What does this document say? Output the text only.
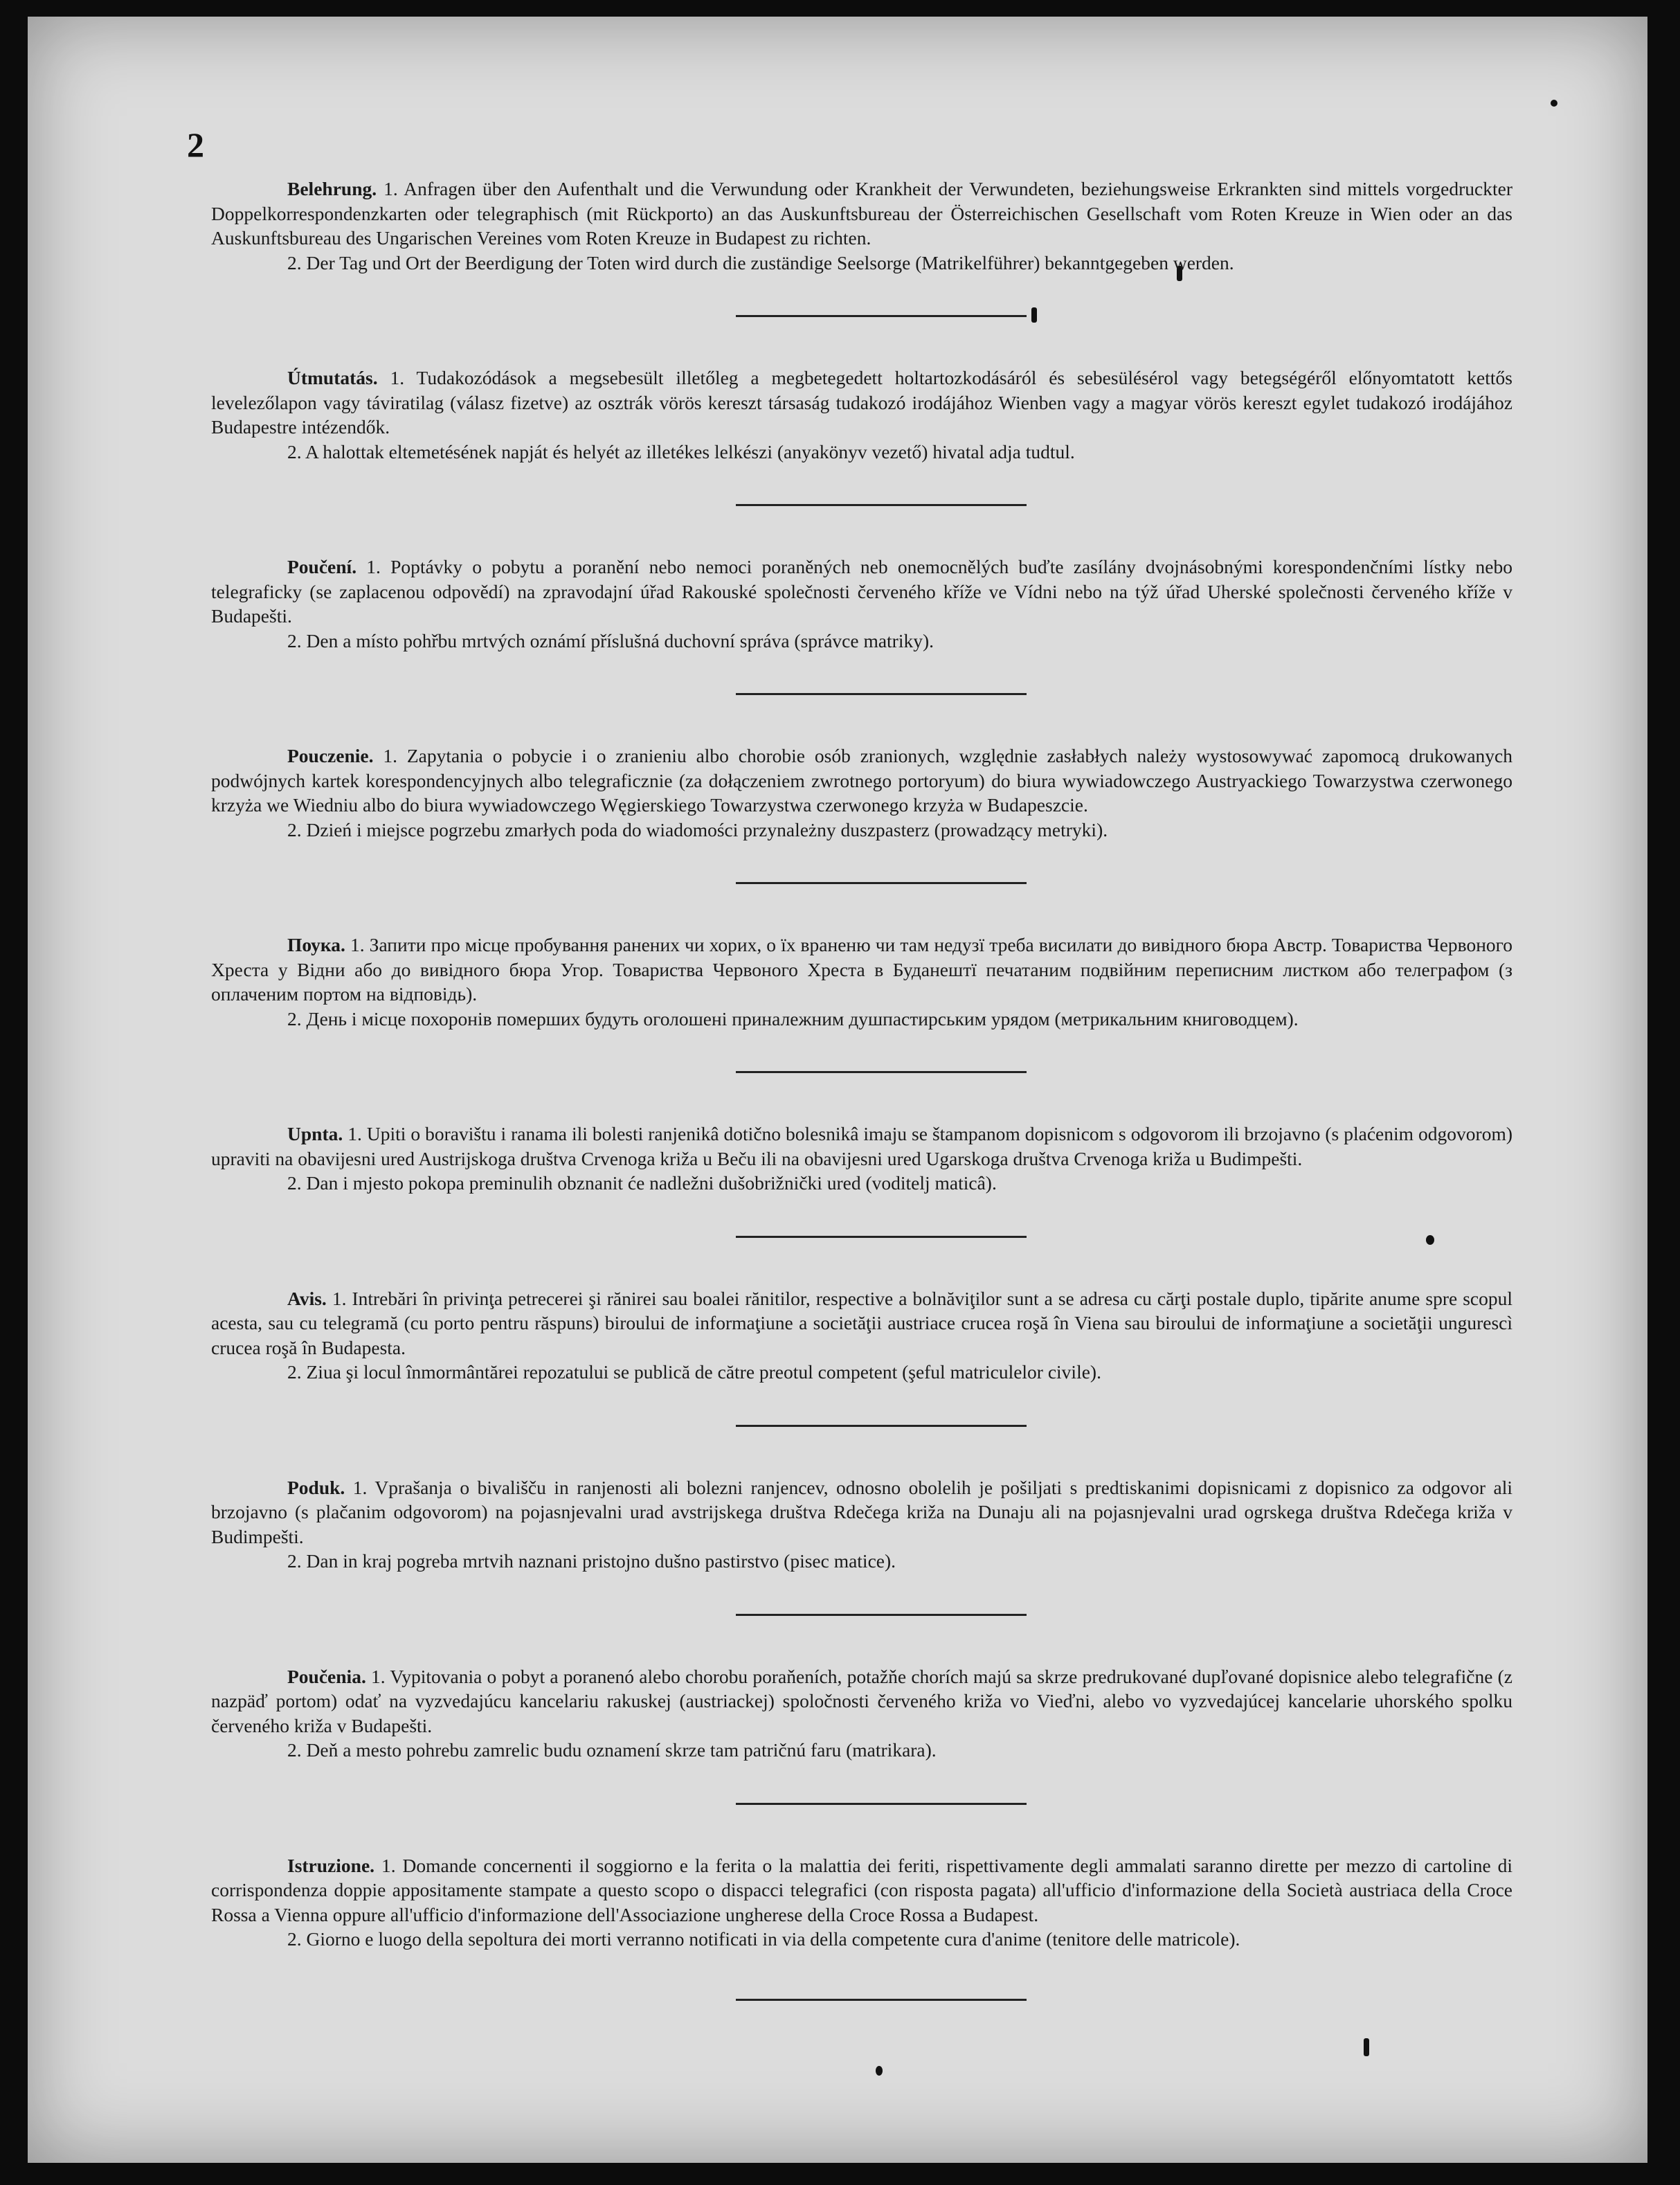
2

Belehrung. 1. Anfragen über den Aufenthalt und die Verwundung oder Krankheit der Verwundeten, beziehungsweise Erkrankten sind mittels vorgedruckter Doppelkorrespondenzkarten oder telegraphisch (mit Rückporto) an das Auskunftsbureau der Österreichischen Gesellschaft vom Roten Kreuze in Wien oder an das Auskunftsbureau des Ungarischen Vereines vom Roten Kreuze in Budapest zu richten.

2. Der Tag und Ort der Beerdigung der Toten wird durch die zuständige Seelsorge (Matrikelführer) bekanntgegeben werden.

Útmutatás. 1. Tudakozódások a megsebesült illetőleg a megbetegedett holtartozkodásáról és sebesülésérol vagy betegségéről előnyomtatott kettős levelezőlapon vagy táviratilag (válasz fizetve) az osztrák vörös kereszt társaság tudakozó irodájához Wienben vagy a magyar vörös kereszt egylet tudakozó irodájához Budapestre intézendők.

2. A halottak eltemetésének napját és helyét az illetékes lelkészi (anyakönyv vezető) hivatal adja tudtul.

Poučení. 1. Poptávky o pobytu a poranění nebo nemoci poraněných neb onemocnělých buďte zasílány dvojnásobnými korespondenčními lístky nebo telegraficky (se zaplacenou odpovědí) na zpravodajní úřad Rakouské společnosti červeného kříže ve Vídni nebo na týž úřad Uherské společnosti červeného kříže v Budapešti.

2. Den a místo pohřbu mrtvých oznámí příslušná duchovní správa (správce matriky).

Pouczenie. 1. Zapytania o pobycie i o zranieniu albo chorobie osób zranionych, względnie zasłabłych należy wystosowywać zapomocą drukowanych podwójnych kartek korespondencyjnych albo telegraficznie (za dołączeniem zwrotnego portoryum) do biura wywiadowczego Austryackiego Towarzystwa czerwonego krzyża we Wiedniu albo do biura wywiadowczego Węgierskiego Towarzystwa czerwonego krzyża w Budapeszcie.

2. Dzień i miejsce pogrzebu zmarłych poda do wiadomości przynależny duszpasterz (prowadzący metryki).

Поука. 1. Запити про місце пробування ранених чи хорих, о їх враненю чи там недузї треба висилати до вивідного бюра Австр. Товариства Червоного Хреста у Відни або до вивідного бюра Угор. Товариства Червоного Хреста в Буданештї печатаним подвійним переписним листком або телеграфом (з оплаченим портом на відповідь).

2. День і місце похоронів померших будуть оголошені приналежним душпастирським урядом (метрикальним книговодцем).

Upnta. 1. Upiti o boravištu i ranama ili bolesti ranjenikâ dotično bolesnikâ imaju se štampanom dopisnicom s odgovorom ili brzojavno (s plaćenim odgovorom) upraviti na obavijesni ured Austrijskoga društva Crvenoga križa u Beču ili na obavijesni ured Ugarskoga društva Crvenoga križa u Budimpešti.

2. Dan i mjesto pokopa preminulih obznanit će nadležni dušobrižnički ured (voditelj maticâ).

Avis. 1. Intrebări în privinţa petrecerei şi rănirei sau boalei rănitilor, respective a bolnăviţilor sunt a se adresa cu cărţi postale duplo, tipărite anume spre scopul acesta, sau cu telegramă (cu porto pentru răspuns) biroului de informaţiune a societăţii austriace crucea roşă în Viena sau biroului de informaţiune a societăţii ungurescì crucea roşă în Budapesta.

2. Ziua şi locul înmormântărei repozatului se publică de către preotul competent (şeful matriculelor civile).

Poduk. 1. Vprašanja o bivališču in ranjenosti ali bolezni ranjencev, odnosno obolelih je pošiljati s predtiskanimi dopisnicami z dopisnico za odgovor ali brzojavno (s plačanim odgovorom) na pojasnjevalni urad avstrijskega društva Rdečega križa na Dunaju ali na pojasnjevalni urad ogrskega društva Rdečega križa v Budimpešti.

2. Dan in kraj pogreba mrtvih naznani pristojno dušno pastirstvo (pisec matice).

Poučenia. 1. Vypitovania o pobyt a poranenó alebo chorobu poraňeních, potažňe chorích majú sa skrze predrukované dupľované dopisnice alebo telegrafične (z nazpäď portom) odať na vyzvedajúcu kancelariu rakuskej (austriackej) spoločnosti červeného križa vo Vieďni, alebo vo vyzvedajúcej kancelarie uhorského spolku červeného križa v Budapešti.

2. Deň a mesto pohrebu zamrelic budu oznamení skrze tam patričnú faru (matrikara).

Istruzione. 1. Domande concernenti il soggiorno e la ferita o la malattia dei feriti, rispettivamente degli ammalati saranno dirette per mezzo di cartoline di corrispondenza doppie appositamente stampate a questo scopo o dispacci telegrafici (con risposta pagata) all'ufficio d'informazione della Società austriaca della Croce Rossa a Vienna oppure all'ufficio d'informazione dell'Associazione ungherese della Croce Rossa a Budapest.

2. Giorno e luogo della sepoltura dei morti verranno notificati in via della competente cura d'anime (tenitore delle matricole).
